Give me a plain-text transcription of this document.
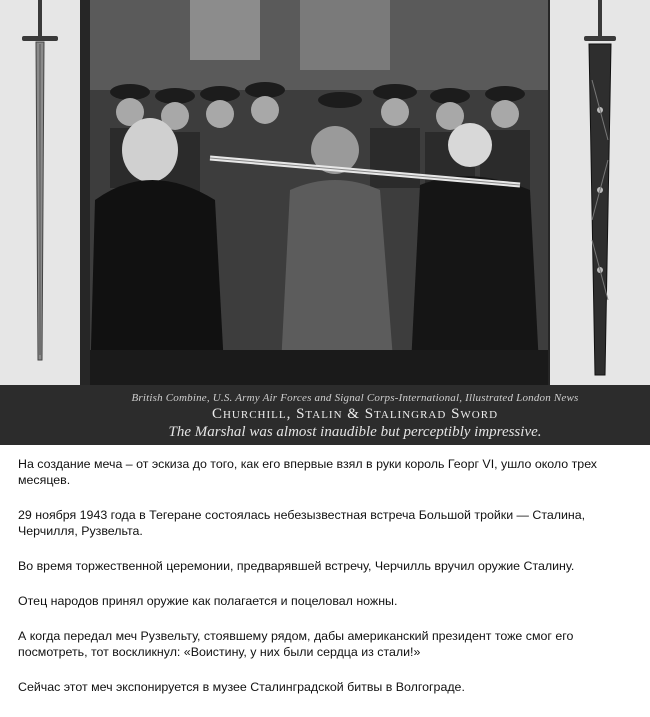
British Combine, U.S. Army Air Forces and Signal Corps-International, Illustrated London News
Churchill, Stalin & Stalingrad Sword
The Marshal was almost inaudible but perceptibly impressive.

На создание меча – от эскиза до того, как его впервые взял в руки король Георг VI, ушло около трех месяцев.

29 ноября 1943 года в Тегеране состоялась небезызвестная встреча Большой тройки — Сталина, Черчилля, Рузвельта.

Во время торжественной церемонии, предварявшей встречу, Черчилль вручил оружие Сталину.

Отец народов принял оружие как полагается и поцеловал ножны.

А когда передал меч Рузвельту, стоявшему рядом, дабы американский президент тоже смог его посмотреть, тот воскликнул: «Воистину, у них были сердца из стали!»

Сейчас этот меч экспонируется в музее Сталинградской битвы в Волгограде.
